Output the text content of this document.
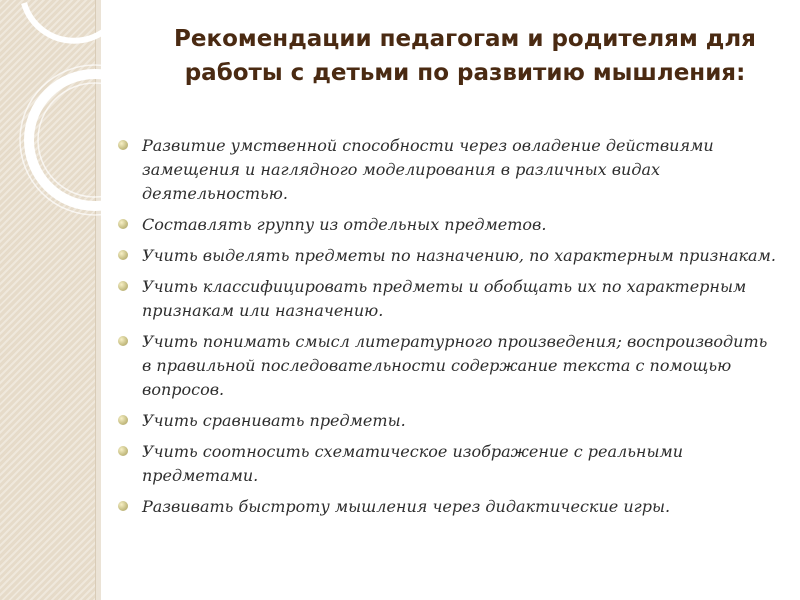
Рекомендации педагогам и родителям для работы с детьми по развитию мышления:
Развитие умственной способности через овладение действиями замещения и наглядного моделирования в различных видах деятельностью.
Составлять группу из отдельных предметов.
Учить выделять предметы по назначению, по характерным признакам.
Учить классифицировать предметы и обобщать их по характерным признакам или назначению.
Учить понимать смысл литературного произведения; воспроизводить в правильной последовательности содержание текста с помощью вопросов.
Учить сравнивать предметы.
Учить соотносить схематическое изображение с реальными предметами.
Развивать быстроту мышления через дидактические игры.
